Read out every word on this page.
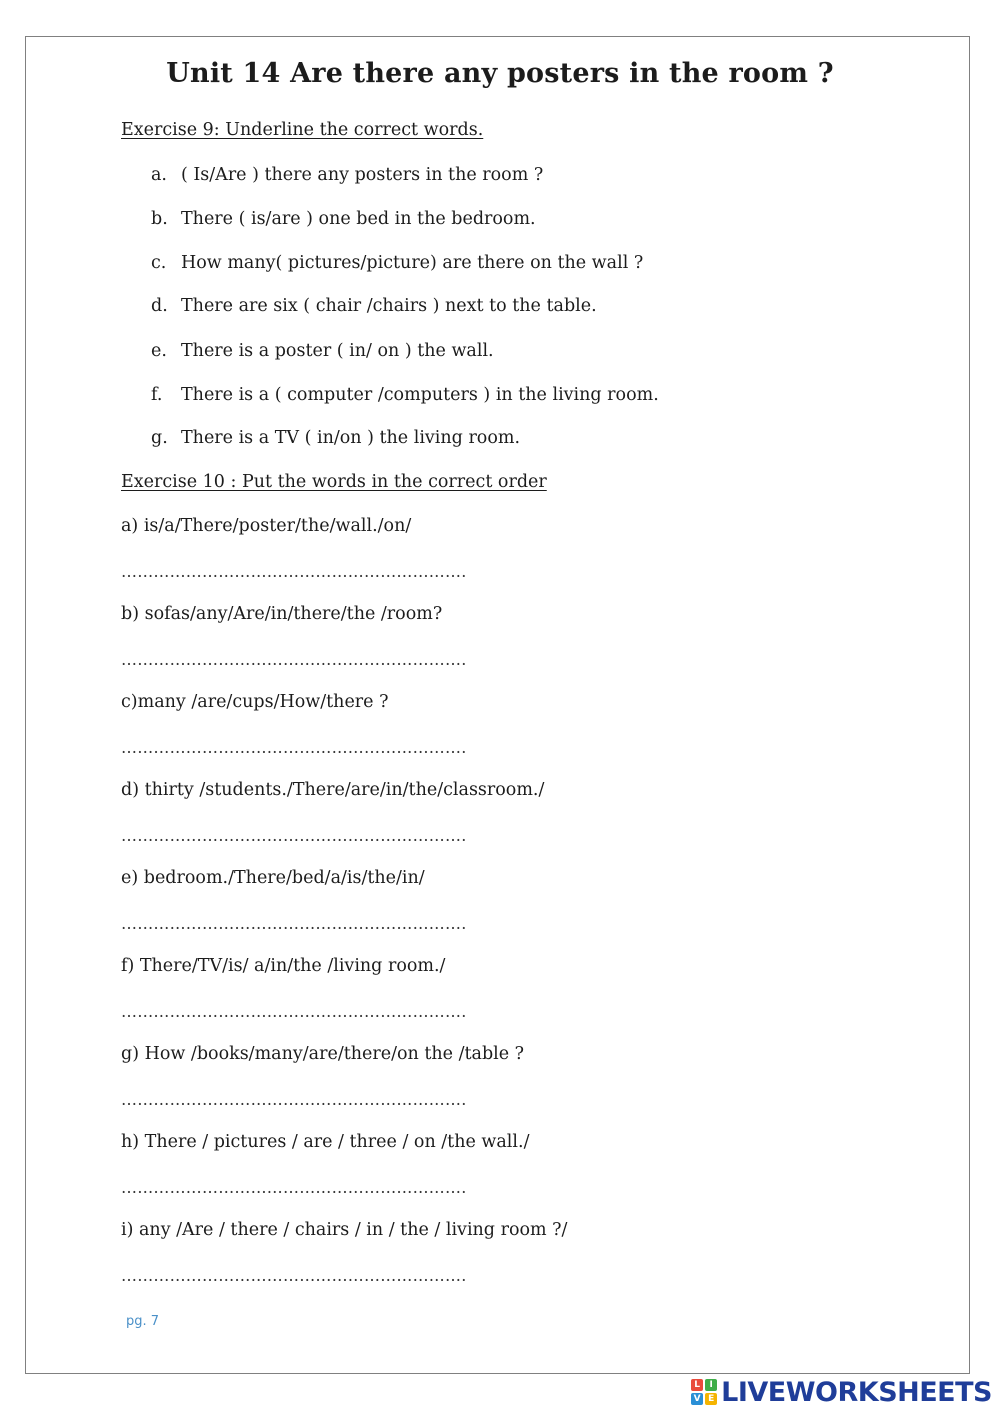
Unit 14 Are there any posters in the room ?
Exercise 9: Underline the correct words.
a. ( Is/Are ) there any posters in the room ?
b. There ( is/are ) one bed in the bedroom.
c. How many( pictures/picture) are there on the wall ?
d. There are six ( chair /chairs ) next to the table.
e. There is a poster ( in/ on ) the wall.
f. There is a ( computer /computers ) in the living room.
g. There is a TV ( in/on ) the living room.
Exercise 10 : Put the words in the correct order
a) is/a/There/poster/the/wall./on/
……………………………………………………….
b) sofas/any/Are/in/there/the /room?
……………………………………………………….
c)many /are/cups/How/there ?
……………………………………………………….
d) thirty /students./There/are/in/the/classroom./
……………………………………………………….
e) bedroom./There/bed/a/is/the/in/
……………………………………………………….
f) There/TV/is/ a/in/the /living room./
……………………………………………………….
g) How /books/many/are/there/on the /table ?
……………………………………………………….
h) There / pictures / are / three / on /the wall./
……………………………………………………….
i) any /Are / there / chairs / in / the / living room ?/
……………………………………………………….
pg. 7
L	I
V E LIVEWORKSHEETS
